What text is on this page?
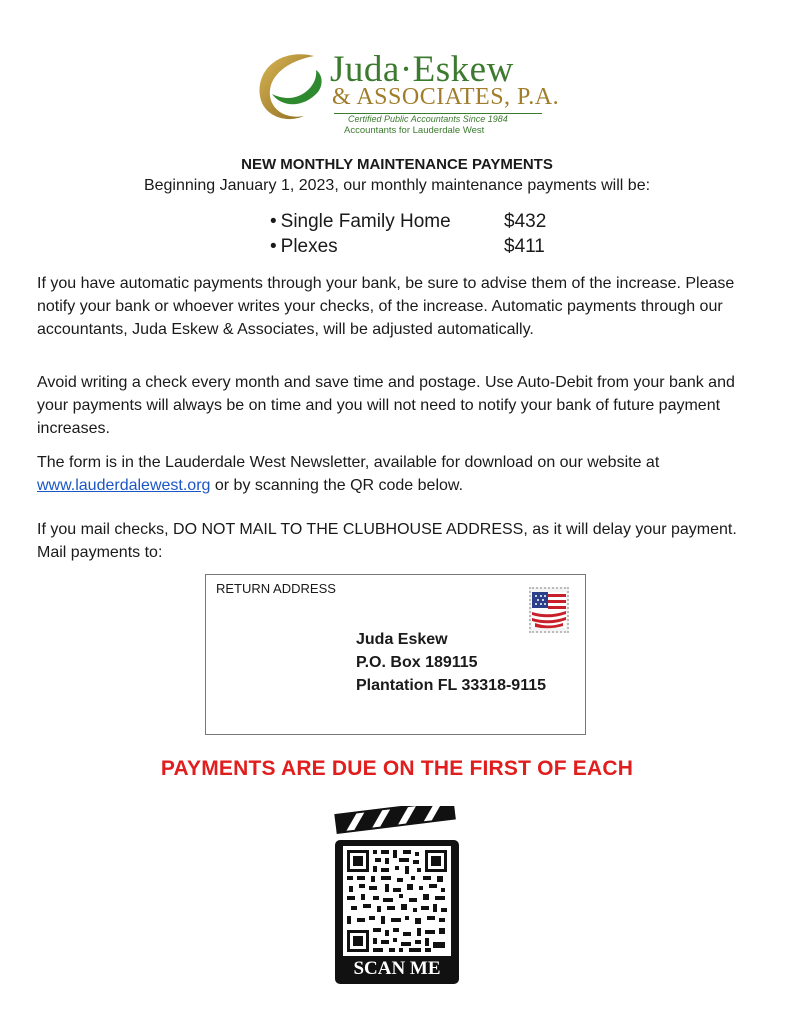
Juda·Eskew
& ASSOCIATES, P.A.
Certified Public Accountants Since 1984
Accountants for Lauderdale West
NEW MONTHLY MAINTENANCE PAYMENTS
Beginning January 1, 2023, our monthly maintenance payments will be:
• Single Family Home	$432
• Plexes	$411

If you have automatic payments through your bank, be sure to advise them of the increase. Please notify your bank or whoever writes your checks, of the increase. Automatic payments through our accountants, Juda Eskew & Associates, will be adjusted automatically.

Avoid writing a check every month and save time and postage. Use Auto-Debit from your bank and your payments will always be on time and you will not need to notify your bank of future payment increases.

The form is in the Lauderdale West Newsletter, available for download on our website at
www.lauderdalewest.org or by scanning the QR code below.

If you mail checks, DO NOT MAIL TO THE CLUBHOUSE ADDRESS, as it will delay your payment. Mail payments to:

RETURN ADDRESS
Juda Eskew
P.O. Box 189115
Plantation FL 33318-9115
PAYMENTS ARE DUE ON THE FIRST OF EACH
SCAN ME
